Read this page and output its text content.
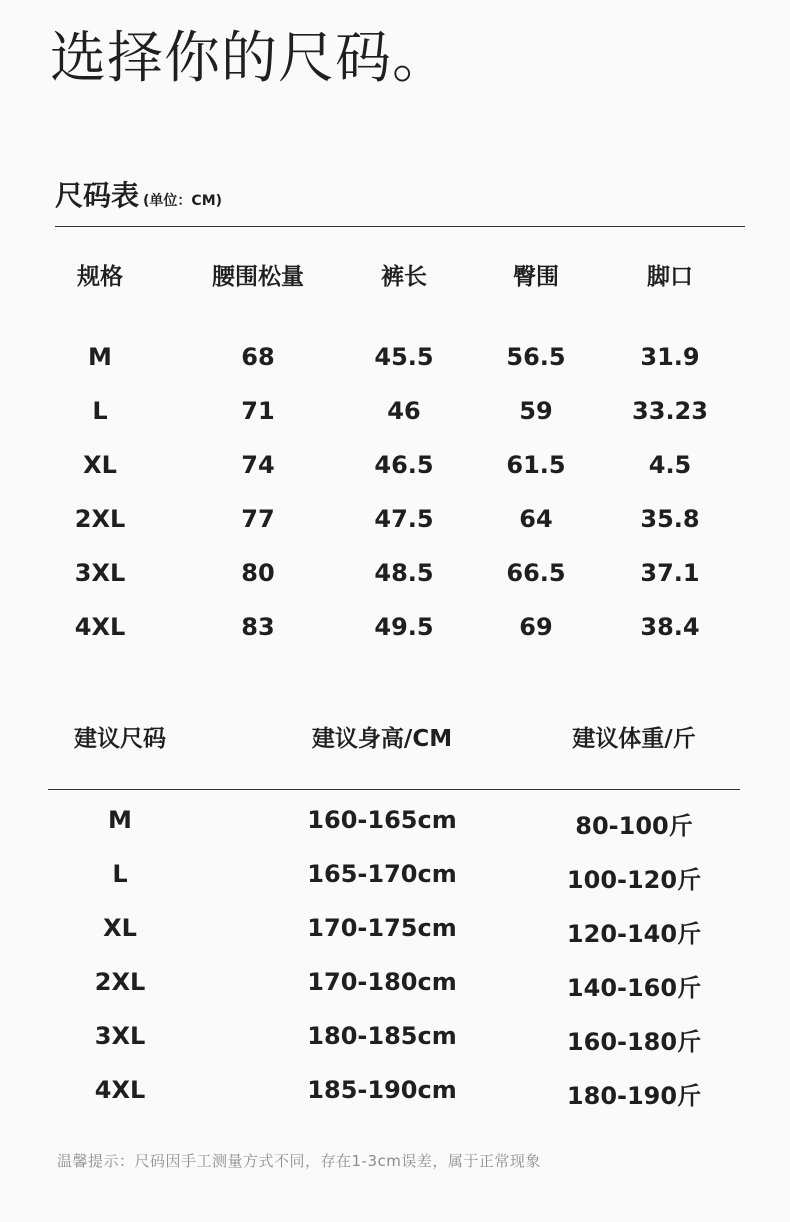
选择你的尺码。
尺码表 (单位：CM)
规格	腰围松量	裤长	臀围	脚口
M	68	45.5	56.5	31.9
L	71	46	59	33.23
XL	74	46.5	61.5	4.5
2XL	77	47.5	64	35.8
3XL	80	48.5	66.5	37.1
4XL	83	49.5	69	38.4
建议尺码	建议身高/CM	建议体重/斤
M	160-165cm	80-100斤
L	165-170cm	100-120斤
XL	170-175cm	120-140斤
2XL	170-180cm	140-160斤
3XL	180-185cm	160-180斤
4XL	185-190cm	180-190斤
温馨提示：尺码因手工测量方式不同，存在1-3cm误差，属于正常现象
